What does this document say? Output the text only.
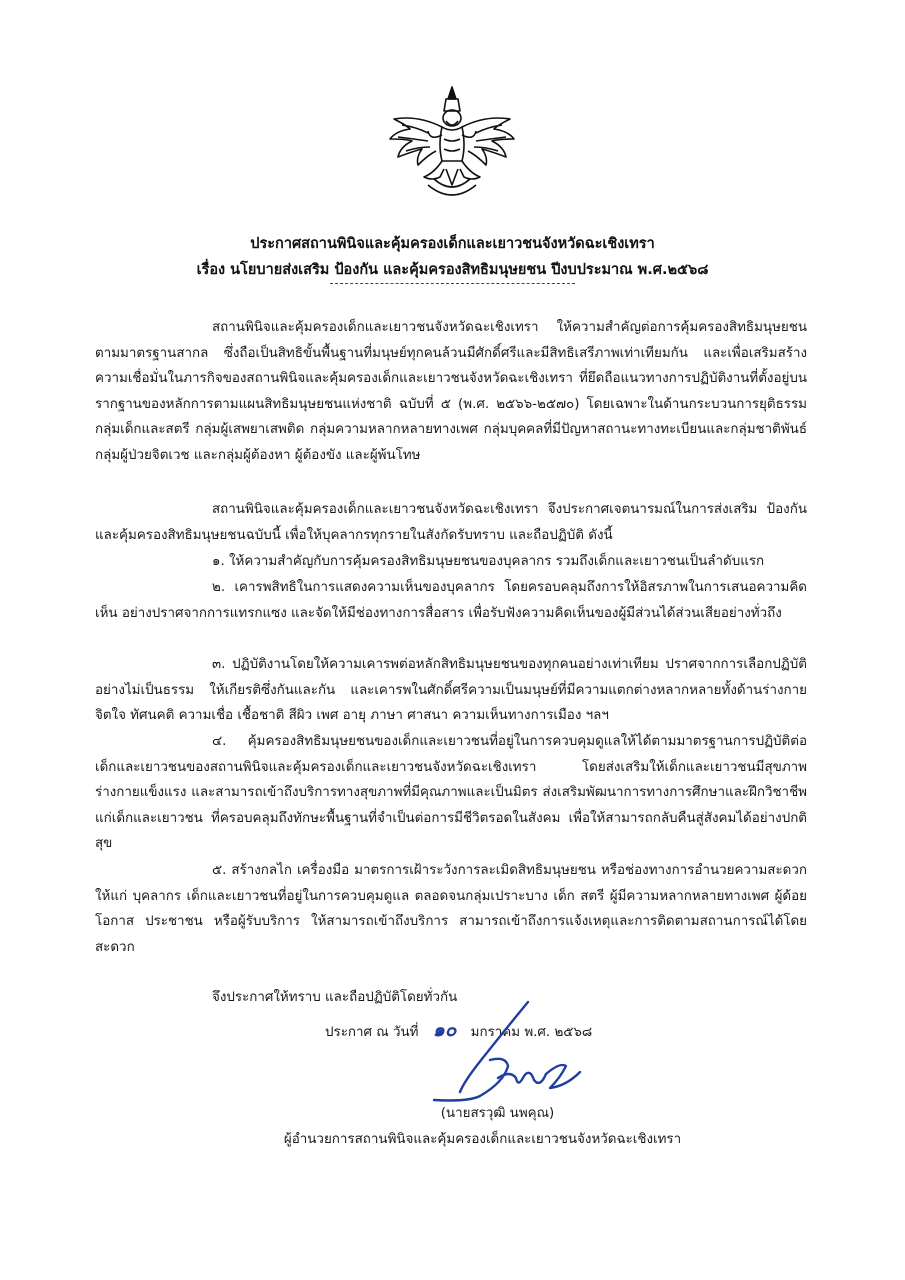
ประกาศสถานพินิจและคุ้มครองเด็กและเยาวชนจังหวัดฉะเชิงเทรา
เรื่อง นโยบายส่งเสริม ป้องกัน และคุ้มครองสิทธิมนุษยชน ปีงบประมาณ พ.ศ.๒๕๖๘

สถานพินิจและคุ้มครองเด็กและเยาวชนจังหวัดฉะเชิงเทรา ให้ความสำคัญต่อการคุ้มครองสิทธิมนุษยชนตามมาตรฐานสากล ซึ่งถือเป็นสิทธิขั้นพื้นฐานที่มนุษย์ทุกคนล้วนมีศักดิ์ศรีและมีสิทธิเสรีภาพเท่าเทียมกัน และเพื่อเสริมสร้างความเชื่อมั่นในภารกิจของสถานพินิจและคุ้มครองเด็กและเยาวชนจังหวัดฉะเชิงเทรา ที่ยึดถือแนวทางการปฏิบัติงานที่ตั้งอยู่บนรากฐานของหลักการตามแผนสิทธิมนุษยชนแห่งชาติ ฉบับที่ ๕ (พ.ศ. ๒๕๖๖-๒๕๗๐) โดยเฉพาะในด้านกระบวนการยุติธรรม กลุ่มเด็กและสตรี กลุ่มผู้เสพยาเสพติด กลุ่มความหลากหลายทางเพศ กลุ่มบุคคลที่มีปัญหาสถานะทางทะเบียนและกลุ่มชาติพันธ์ กลุ่มผู้ป่วยจิตเวช และกลุ่มผู้ต้องหา ผู้ต้องขัง และผู้พ้นโทษ

สถานพินิจและคุ้มครองเด็กและเยาวชนจังหวัดฉะเชิงเทรา จึงประกาศเจตนารมณ์ในการส่งเสริม ป้องกัน และคุ้มครองสิทธิมนุษยชนฉบับนี้ เพื่อให้บุคลากรทุกรายในสังกัดรับทราบ และถือปฏิบัติ ดังนี้

๑. ให้ความสำคัญกับการคุ้มครองสิทธิมนุษยชนของบุคลากร รวมถึงเด็กและเยาวชนเป็นลำดับแรก

๒. เคารพสิทธิในการแสดงความเห็นของบุคลากร โดยครอบคลุมถึงการให้อิสรภาพในการเสนอความคิดเห็น อย่างปราศจากการแทรกแซง และจัดให้มีช่องทางการสื่อสาร เพื่อรับฟังความคิดเห็นของผู้มีส่วนได้ส่วนเสียอย่างทั่วถึง

๓. ปฏิบัติงานโดยให้ความเคารพต่อหลักสิทธิมนุษยชนของทุกคนอย่างเท่าเทียม ปราศจากการเลือกปฏิบัติอย่างไม่เป็นธรรม ให้เกียรติซึ่งกันและกัน และเคารพในศักดิ์ศรีความเป็นมนุษย์ที่มีความแตกต่างหลากหลายทั้งด้านร่างกาย จิตใจ ทัศนคติ ความเชื่อ เชื้อชาติ สีผิว เพศ อายุ ภาษา ศาสนา ความเห็นทางการเมือง ฯลฯ

๔. คุ้มครองสิทธิมนุษยชนของเด็กและเยาวชนที่อยู่ในการควบคุมดูแลให้ได้ตามมาตรฐานการปฏิบัติต่อเด็กและเยาวชนของสถานพินิจและคุ้มครองเด็กและเยาวชนจังหวัดฉะเชิงเทรา โดยส่งเสริมให้เด็กและเยาวชนมีสุขภาพร่างกายแข็งแรง และสามารถเข้าถึงบริการทางสุขภาพที่มีคุณภาพและเป็นมิตร ส่งเสริมพัฒนาการทางการศึกษาและฝึกวิชาชีพแก่เด็กและเยาวชน ที่ครอบคลุมถึงทักษะพื้นฐานที่จำเป็นต่อการมีชีวิตรอดในสังคม เพื่อให้สามารถกลับคืนสู่สังคมได้อย่างปกติสุข

๕. สร้างกลไก เครื่องมือ มาตรการเฝ้าระวังการละเมิดสิทธิมนุษยชน หรือช่องทางการอำนวยความสะดวกให้แก่ บุคลากร เด็กและเยาวชนที่อยู่ในการควบคุมดูแล ตลอดจนกลุ่มเปราะบาง เด็ก สตรี ผู้มีความหลากหลายทางเพศ ผู้ด้อยโอกาส ประชาชน หรือผู้รับบริการ ให้สามารถเข้าถึงบริการ สามารถเข้าถึงการแจ้งเหตุและการติดตามสถานการณ์ได้โดยสะดวก

จึงประกาศให้ทราบ และถือปฏิบัติโดยทั่วกัน
ประกาศ ณ วันที่ ๑๐ มกราคม พ.ศ. ๒๕๖๘
(นายสรวุฒิ นพคุณ)
ผู้อำนวยการสถานพินิจและคุ้มครองเด็กและเยาวชนจังหวัดฉะเชิงเทรา
